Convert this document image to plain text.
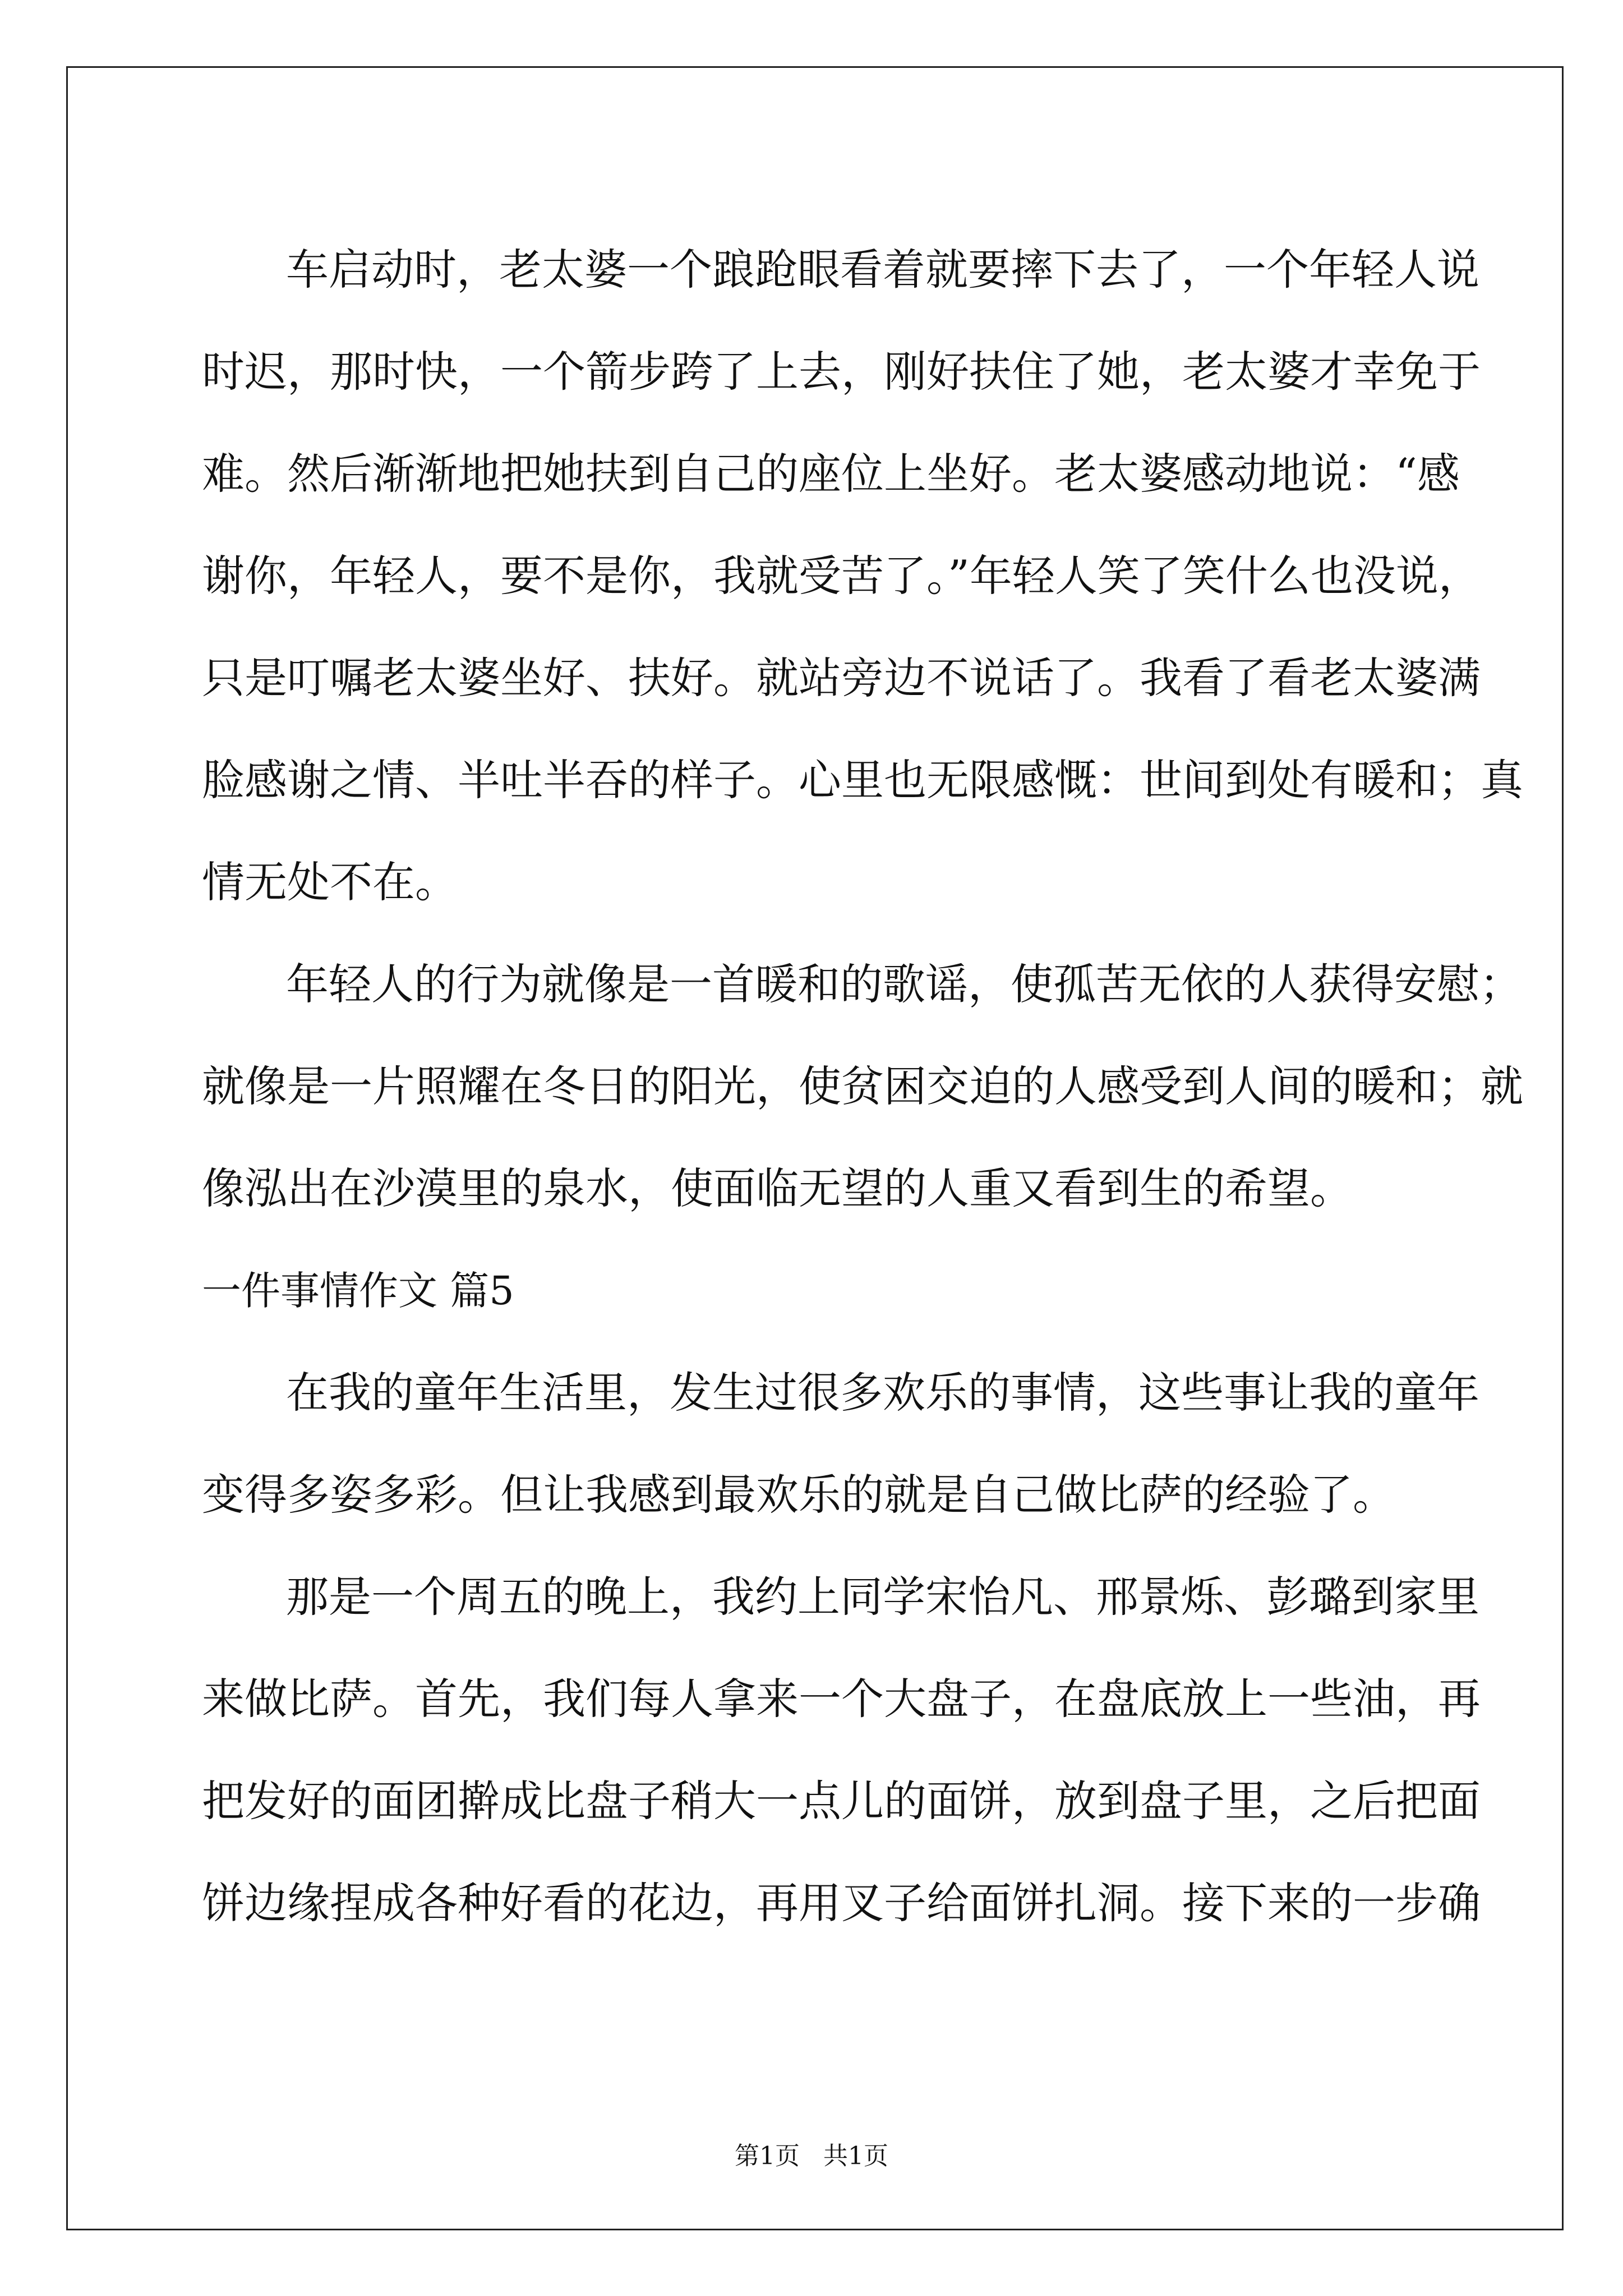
车启动时，老太婆一个踉跄眼看着就要摔下去了，一个年轻人说
时迟，那时快，一个箭步跨了上去，刚好扶住了她，老太婆才幸免于
难。然后渐渐地把她扶到自己的座位上坐好。老太婆感动地说：“感
谢你，年轻人，要不是你，我就受苦了。”年轻人笑了笑什么也没说，
只是叮嘱老太婆坐好、扶好。就站旁边不说话了。我看了看老太婆满
脸感谢之情、半吐半吞的样子。心里也无限感慨：世间到处有暖和；真
情无处不在。
年轻人的行为就像是一首暖和的歌谣，使孤苦无依的人获得安慰；
就像是一片照耀在冬日的阳光，使贫困交迫的人感受到人间的暖和；就
像泓出在沙漠里的泉水，使面临无望的人重又看到生的希望。
一件事情作文 篇5
在我的童年生活里，发生过很多欢乐的事情，这些事让我的童年
变得多姿多彩。但让我感到最欢乐的就是自己做比萨的经验了。
那是一个周五的晚上，我约上同学宋怡凡、邢景烁、彭璐到家里
来做比萨。首先，我们每人拿来一个大盘子，在盘底放上一些油，再
把发好的面团擀成比盘子稍大一点儿的面饼，放到盘子里，之后把面
饼边缘捏成各种好看的花边，再用叉子给面饼扎洞。接下来的一步确
第1页   共1页
